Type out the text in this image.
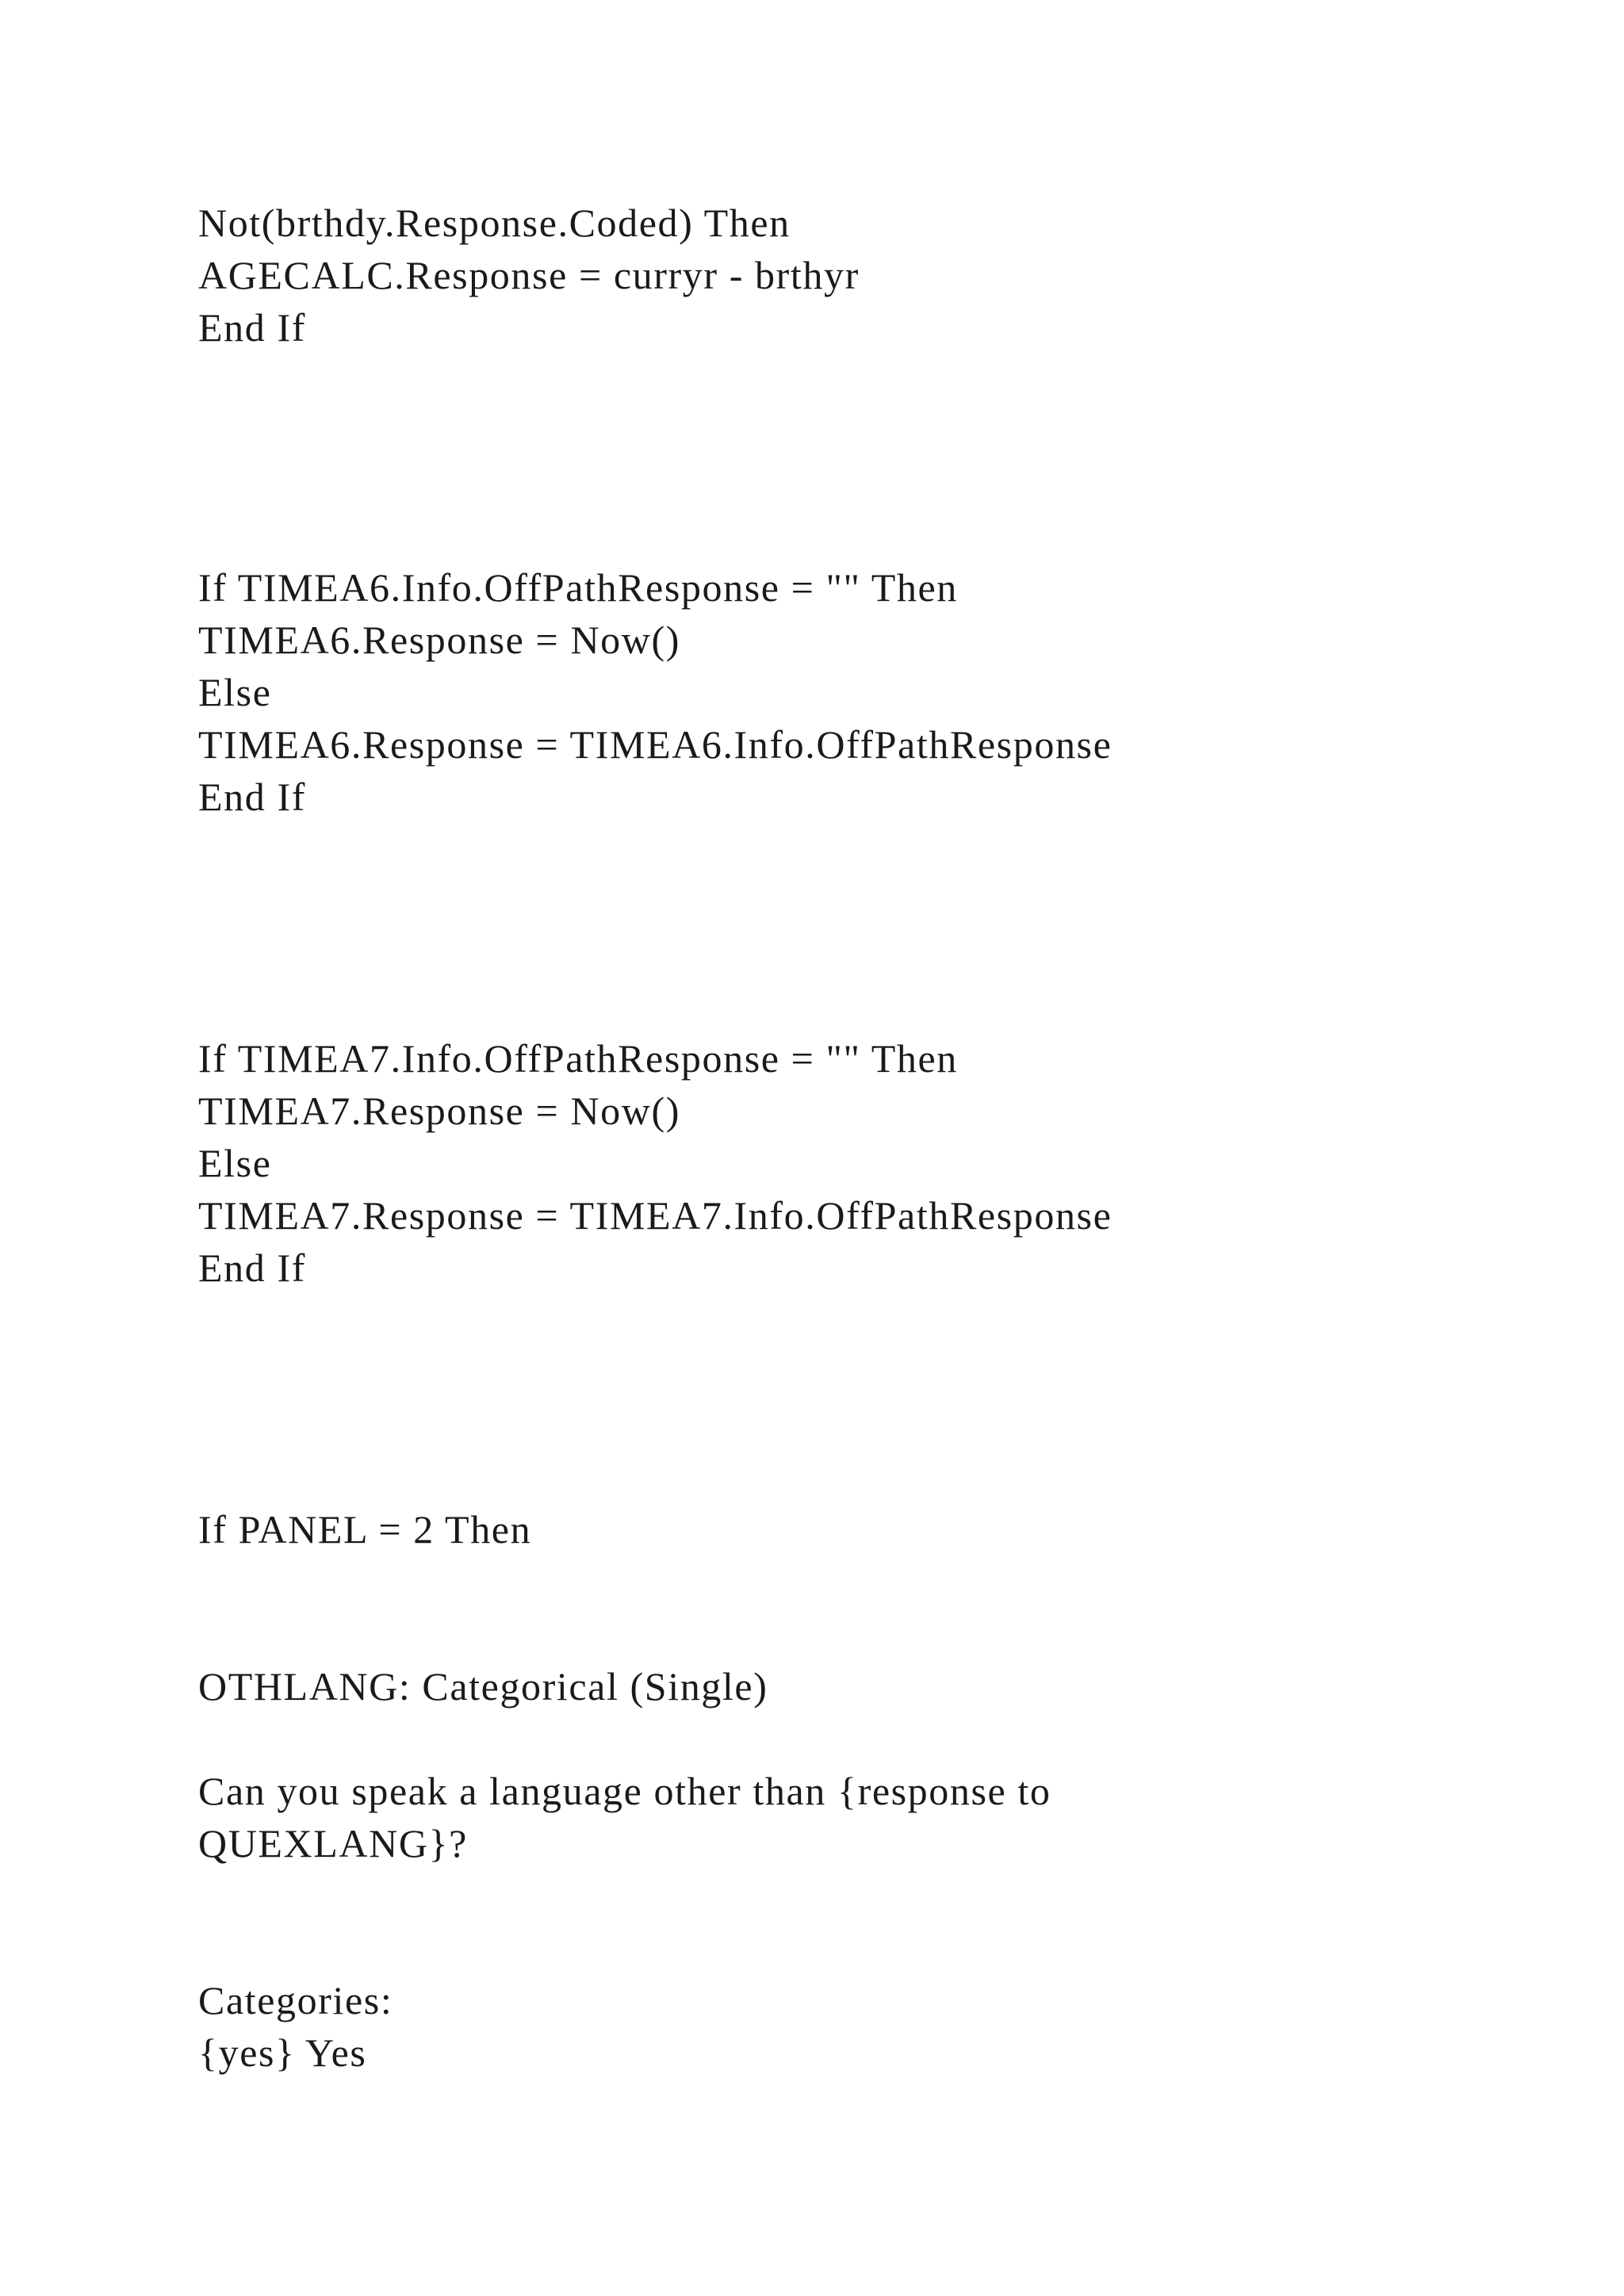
Not(brthdy.Response.Coded) Then
AGECALC.Response = curryr - brthyr
End If
If TIMEA6.Info.OffPathResponse = "" Then
TIMEA6.Response = Now()
Else
TIMEA6.Response = TIMEA6.Info.OffPathResponse
End If
If TIMEA7.Info.OffPathResponse = "" Then
TIMEA7.Response = Now()
Else
TIMEA7.Response = TIMEA7.Info.OffPathResponse
End If
If PANEL = 2 Then
OTHLANG: Categorical (Single)
Can you speak a language other than {response to
QUEXLANG}?
Categories:
{yes} Yes
